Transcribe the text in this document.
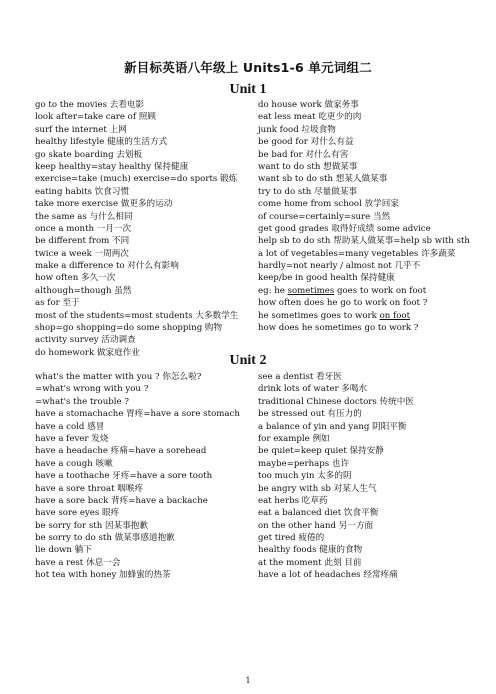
新目标英语八年级上 Units1-6 单元词组二
Unit 1
go to the movies 去看电影
look after=take care of 照顾
surf the internet 上网
healthy lifestyle 健康的生活方式
go skate boarding 去划板
keep healthy=stay healthy 保持健康
exercise=take (much) exercise=do sports 锻炼
eating habits 饮食习惯
take more exercise 做更多的运动
the same as 与什么相同
once a month 一月一次
be different from 不同
twice a week 一周两次
make a difference to 对什么有影响
how often 多久一次
although=though 虽然
as for 至于
most of the students=most students 大多数学生
shop=go shopping=do some shopping 购物
activity survey 活动调查
do homework 做家庭作业
do house work 做家务事
eat less meat 吃更少的肉
junk food 垃圾食物
be good for 对什么有益
be bad for 对什么有害
want to do sth 想做某事
want sb to do sth 想某人做某事
try to do sth 尽量做某事
come home from school 放学回家
of course=certainly=sure 当然
get good grades 取得好成绩 some advice
help sb to do sth 帮助某人做某事=help sb with sth
a lot of vegetables=many vegetables 许多蔬菜
hardly=not nearly / almost not 几乎不
keep/be in good health 保持健康
eg: he sometimes goes to work on foot
how often does he go to work on foot ?
he sometimes goes to work on foot
how does he sometimes go to work ?
Unit 2
what's the matter with you ? 你怎么啦?
=what's wrong with you ?
=what's the trouble ?
have a stomachache 胃疼=have a sore stomach
have a cold 感冒
have a fever 发烧
have a headache 疼痛=have a sorehead
have a cough 咳嗽
have a toothache 牙疼=have a sore tooth
have a sore throat 咽喉疼
have a sore back 背疼=have a backache
have sore eyes 眼疼
be sorry for sth 因某事抱歉
be sorry to do sth 做某事感道抱歉
lie down 躺下
have a rest 休息一会
hot tea with honey 加蜂蜜的热茶
see a dentist 看牙医
drink lots of water 多喝水
traditional Chinese doctors 传统中医
be stressed out 有压力的
a balance of yin and yang 阴阳平衡
for example 例如
be quiet=keep quiet 保持安静
maybe=perhaps 也许
too much yin 太多的阴
be angry with sb 对某人生气
eat herbs 吃草药
eat a balanced diet 饮食平衡
on the other hand 另一方面
get tired 疲倦的
healthy foods 健康的食物
at the moment 此刻 目前
have a lot of headaches 经常疼痛
1
